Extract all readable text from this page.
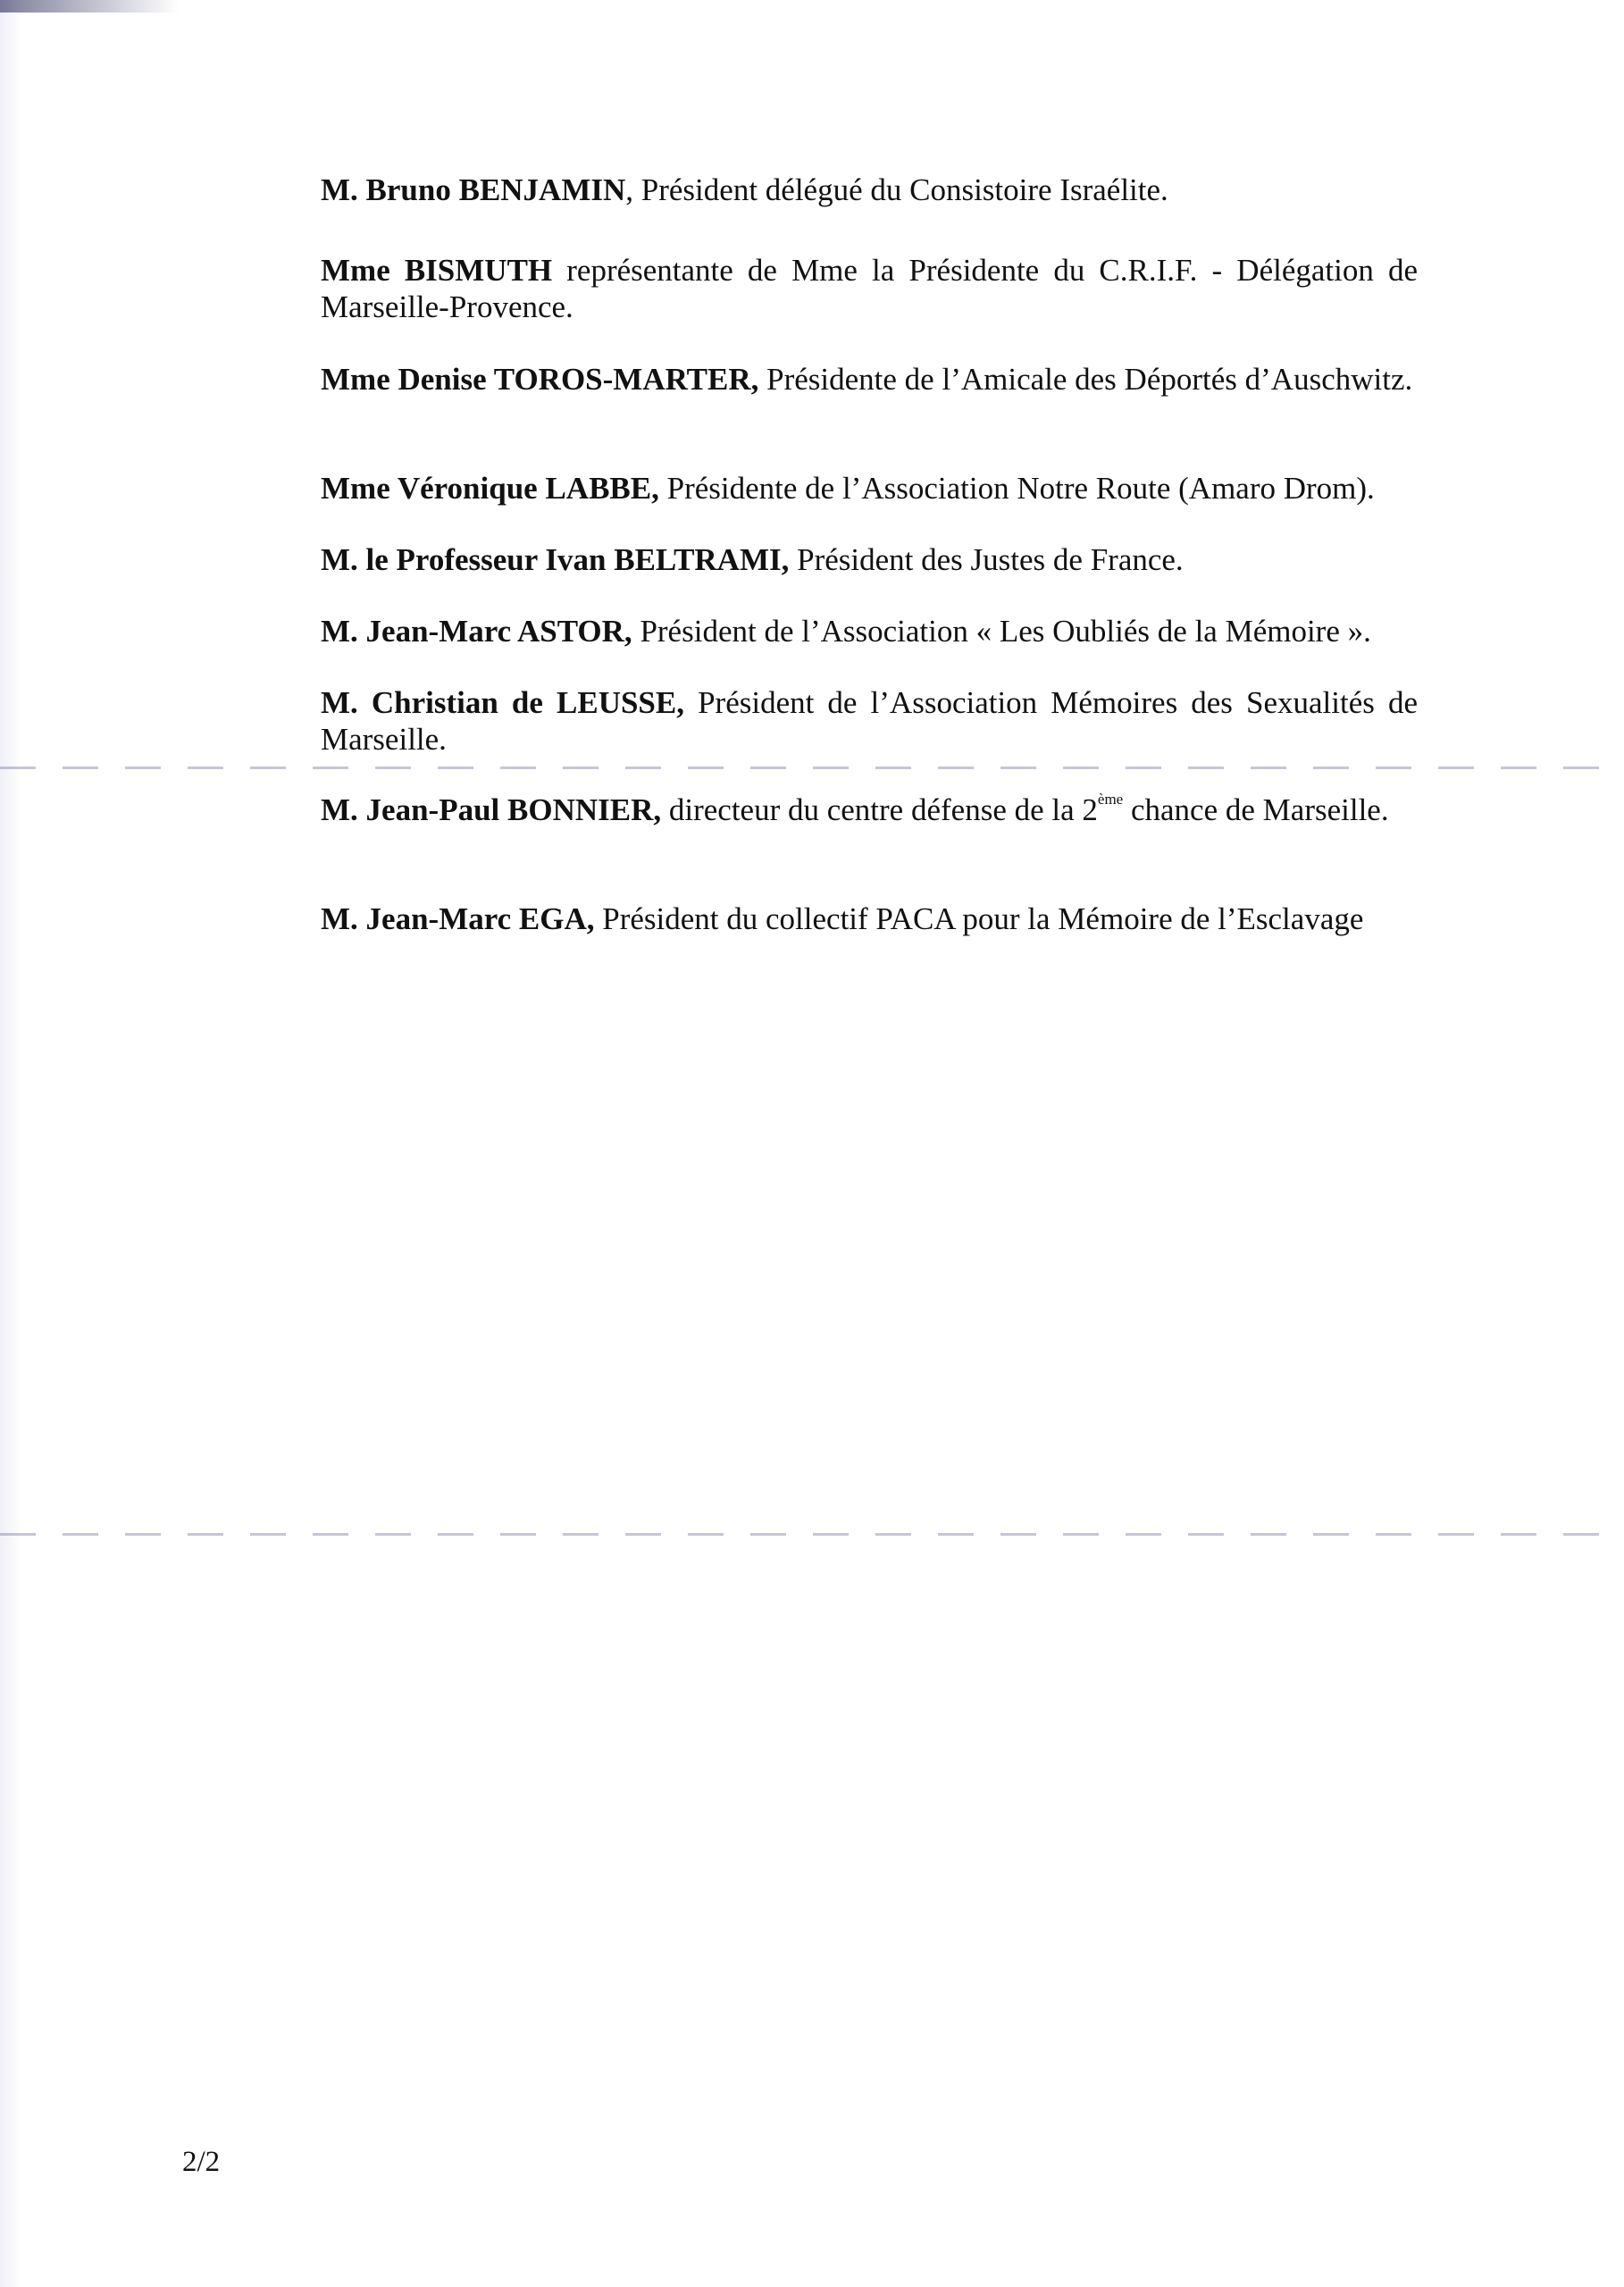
M. Bruno BENJAMIN, Président délégué du Consistoire Israélite.

Mme BISMUTH représentante de Mme la Présidente du C.R.I.F. - Délégation de Marseille-Provence.

Mme Denise TOROS-MARTER, Présidente de l’Amicale des Déportés d’Auschwitz.

Mme Véronique LABBE, Présidente de l’Association Notre Route (Amaro Drom).

M. le Professeur Ivan BELTRAMI, Président des Justes de France.

M. Jean-Marc ASTOR, Président de l’Association « Les Oubliés de la Mémoire ».

M. Christian de LEUSSE, Président de l’Association Mémoires des Sexualités de Marseille.

M. Jean-Paul BONNIER, directeur du centre défense de la 2ème chance de Marseille.

M. Jean-Marc EGA, Président du collectif PACA pour la Mémoire de l’Esclavage

2/2
